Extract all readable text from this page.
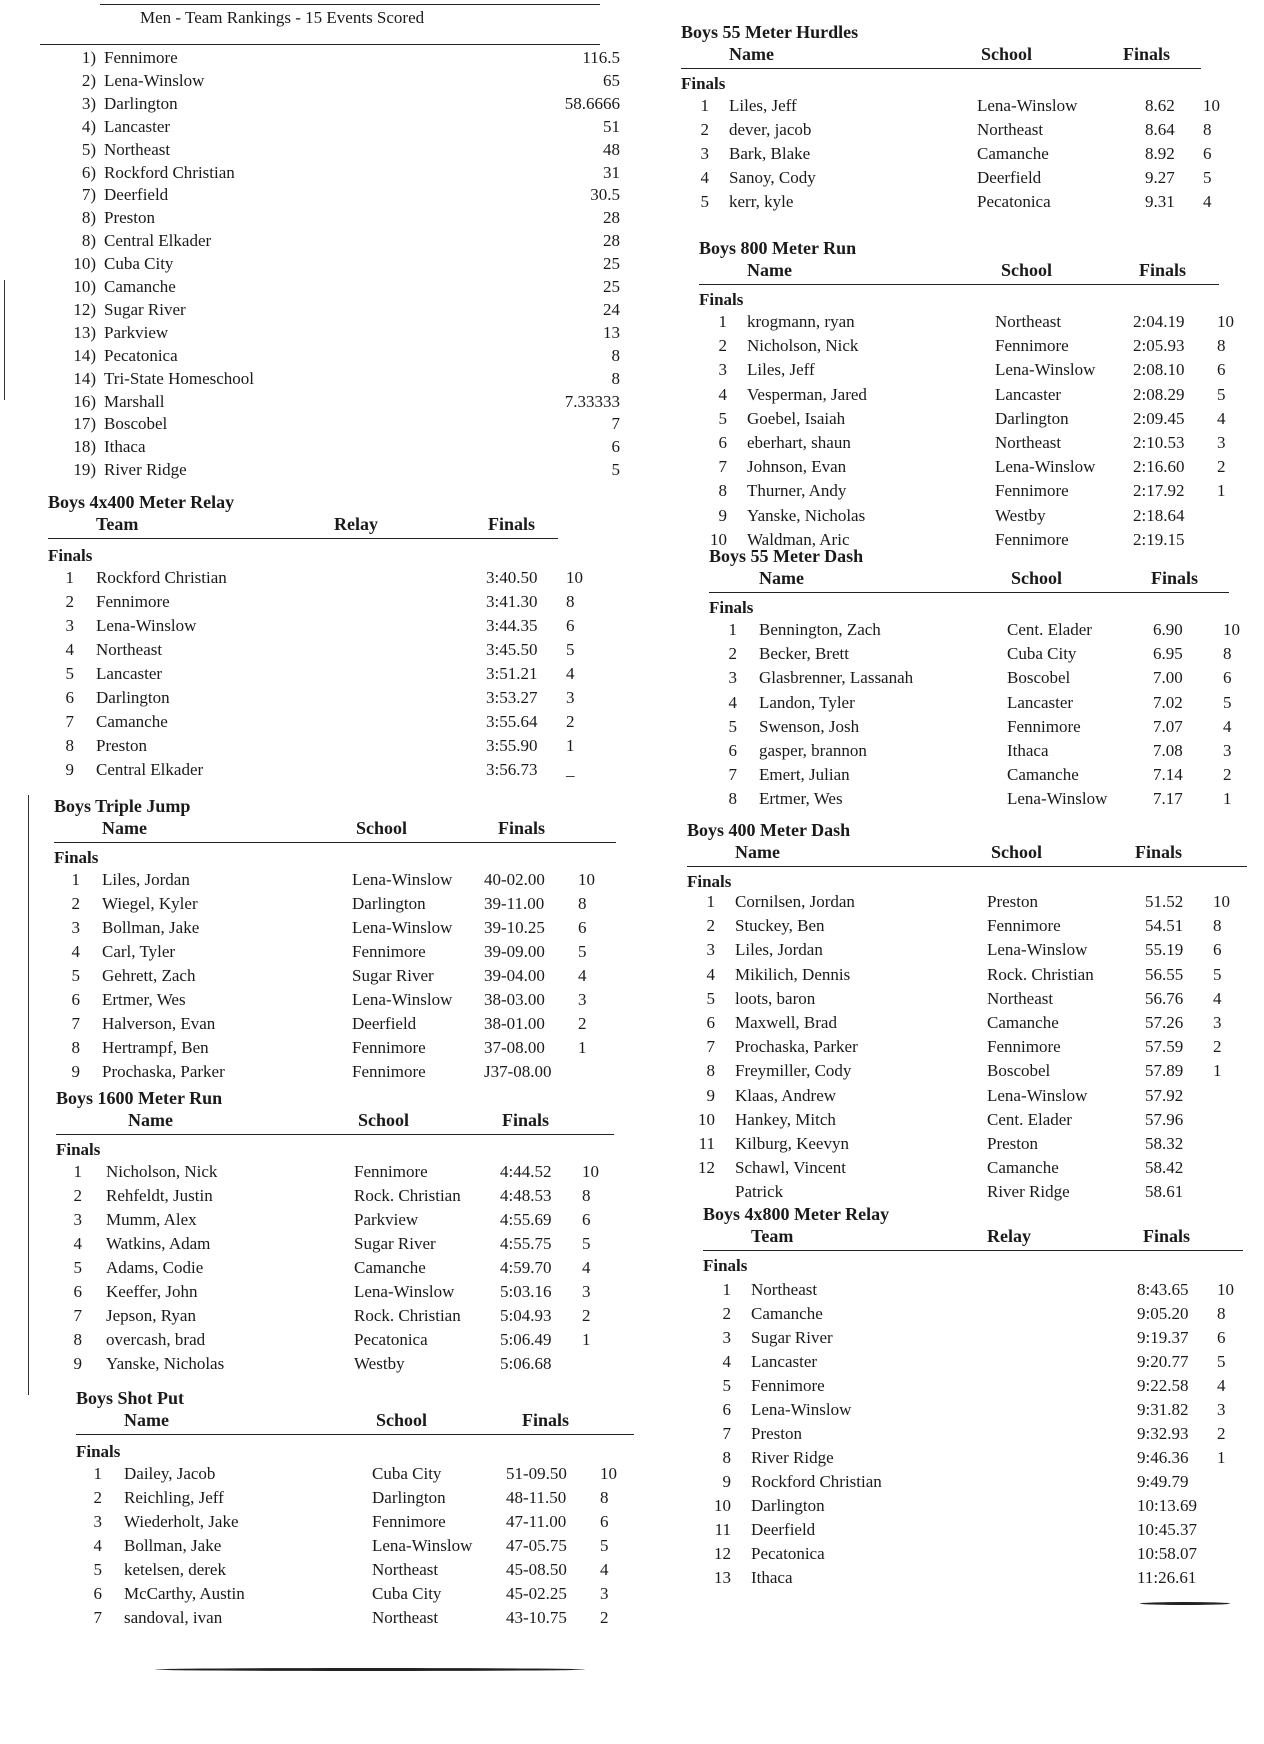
Men - Team Rankings - 15 Events Scored
1) Fennimore	116.5
2) Lena-Winslow	65
3) Darlington	58.6666
4) Lancaster	51
5) Northeast	48
6) Rockford Christian	31
7) Deerfield	30.5
8) Preston	28
8) Central Elkader	28
10) Cuba City	25
10) Camanche	25
12) Sugar River	24
13) Parkview	13
14) Pecatonica	8
14) Tri-State Homeschool	8
16) Marshall	7.33333
17) Boscobel	7
18) Ithaca	6
19) River Ridge	5
Boys 4x400 Meter Relay
Team	Relay	Finals
Finals
1 Rockford Christian	3:40.50 10
2 Fennimore	3:41.30 8
3 Lena-Winslow	3:44.35 6
4 Northeast	3:45.50 5
5 Lancaster	3:51.21 4
6 Darlington	3:53.27 3
7 Camanche	3:55.64 2
8 Preston	3:55.90 1
9 Central Elkader	3:56.73 _
Boys Triple Jump
Name	School	Finals
Finals
1 Liles, Jordan	Lena-Winslow 40-02.00 10
2 Wiegel, Kyler	Darlington	39-11.00 8
3 Bollman, Jake	Lena-Winslow 39-10.25 6
4 Carl, Tyler	Fennimore	39-09.00 5
5 Gehrett, Zach	Sugar River	39-04.00 4
6 Ertmer, Wes	Lena-Winslow 38-03.00 3
7 Halverson, Evan	Deerfield	38-01.00 2
8 Hertrampf, Ben	Fennimore	37-08.00 1
9 Prochaska, Parker	Fennimore	J37-08.00
Boys 1600 Meter Run
Name	School	Finals
Finals
1 Nicholson, Nick	Fennimore	4:44.52 10
2 Rehfeldt, Justin	Rock. Christian 4:48.53 8
3 Mumm, Alex	Parkview	4:55.69 6
4 Watkins, Adam	Sugar River	4:55.75 5
5 Adams, Codie	Camanche	4:59.70 4
6 Keeffer, John	Lena-Winslow	5:03.16 3
7 Jepson, Ryan	Rock. Christian 5:04.93 2
8 overcash, brad	Pecatonica	5:06.49 1
9 Yanske, Nicholas	Westby	5:06.68
Boys Shot Put
Name	School	Finals
Finals
1 Dailey, Jacob	Cuba City	51-09.50 10
2 Reichling, Jeff	Darlington	48-11.50 8
3 Wiederholt, Jake	Fennimore	47-11.00 6
4 Bollman, Jake	Lena-Winslow 47-05.75 5
5 ketelsen, derek	Northeast	45-08.50 4
6 McCarthy, Austin	Cuba City	45-02.25 3
7 sandoval, ivan	Northeast	43-10.75 2
Boys 55 Meter Hurdles
Name	School	Finals
Finals
1 Liles, Jeff	Lena-Winslow	8.62 10
2 dever, jacob	Northeast	8.64 8
3 Bark, Blake	Camanche	8.92 6
4 Sanoy, Cody	Deerfield	9.27 5
5 kerr, kyle	Pecatonica	9.31 4
Boys 800 Meter Run
Name	School	Finals
Finals
1 krogmann, ryan	Northeast	2:04.19 10
2 Nicholson, Nick	Fennimore	2:05.93 8
3 Liles, Jeff	Lena-Winslow 2:08.10 6
4 Vesperman, Jared	Lancaster	2:08.29 5
5 Goebel, Isaiah	Darlington	2:09.45 4
6 eberhart, shaun	Northeast	2:10.53 3
7 Johnson, Evan	Lena-Winslow 2:16.60 2
8 Thurner, Andy	Fennimore	2:17.92 1
9 Yanske, Nicholas	Westby	2:18.64
10 Waldman, Aric	Fennimore	2:19.15
Boys 55 Meter Dash
Name	School	Finals
Finals
1 Bennington, Zach	Cent. Elader	6.90 10
2 Becker, Brett	Cuba City	6.95 8
3 Glasbrenner, Lassanah	Boscobel	7.00 6
4 Landon, Tyler	Lancaster	7.02 5
5 Swenson, Josh	Fennimore	7.07 4
6 gasper, brannon	Ithaca	7.08 3
7 Emert, Julian	Camanche	7.14 2
8 Ertmer, Wes	Lena-Winslow	7.17 1
Boys 400 Meter Dash
Name	School	Finals
Finals
1 Cornilsen, Jordan	Preston	51.52 10
2 Stuckey, Ben	Fennimore	54.51 8
3 Liles, Jordan	Lena-Winslow	55.19 6
4 Mikilich, Dennis	Rock. Christian	56.55 5
5 loots, baron	Northeast	56.76 4
6 Maxwell, Brad	Camanche	57.26 3
7 Prochaska, Parker	Fennimore	57.59 2
8 Freymiller, Cody	Boscobel	57.89 1
9 Klaas, Andrew	Lena-Winslow	57.92
10 Hankey, Mitch	Cent. Elader	57.96
11 Kilburg, Keevyn	Preston	58.32
12 Schawl, Vincent	Camanche	58.42
Patrick	River Ridge	58.61
Boys 4x800 Meter Relay
Team	Relay	Finals
Finals
1 Northeast	8:43.65 10
2 Camanche	9:05.20 8
3 Sugar River	9:19.37 6
4 Lancaster	9:20.77 5
5 Fennimore	9:22.58 4
6 Lena-Winslow	9:31.82 3
7 Preston	9:32.93 2
8 River Ridge	9:46.36 1
9 Rockford Christian	9:49.79
10 Darlington	10:13.69
11 Deerfield	10:45.37
12 Pecatonica	10:58.07
13 Ithaca	11:26.61
